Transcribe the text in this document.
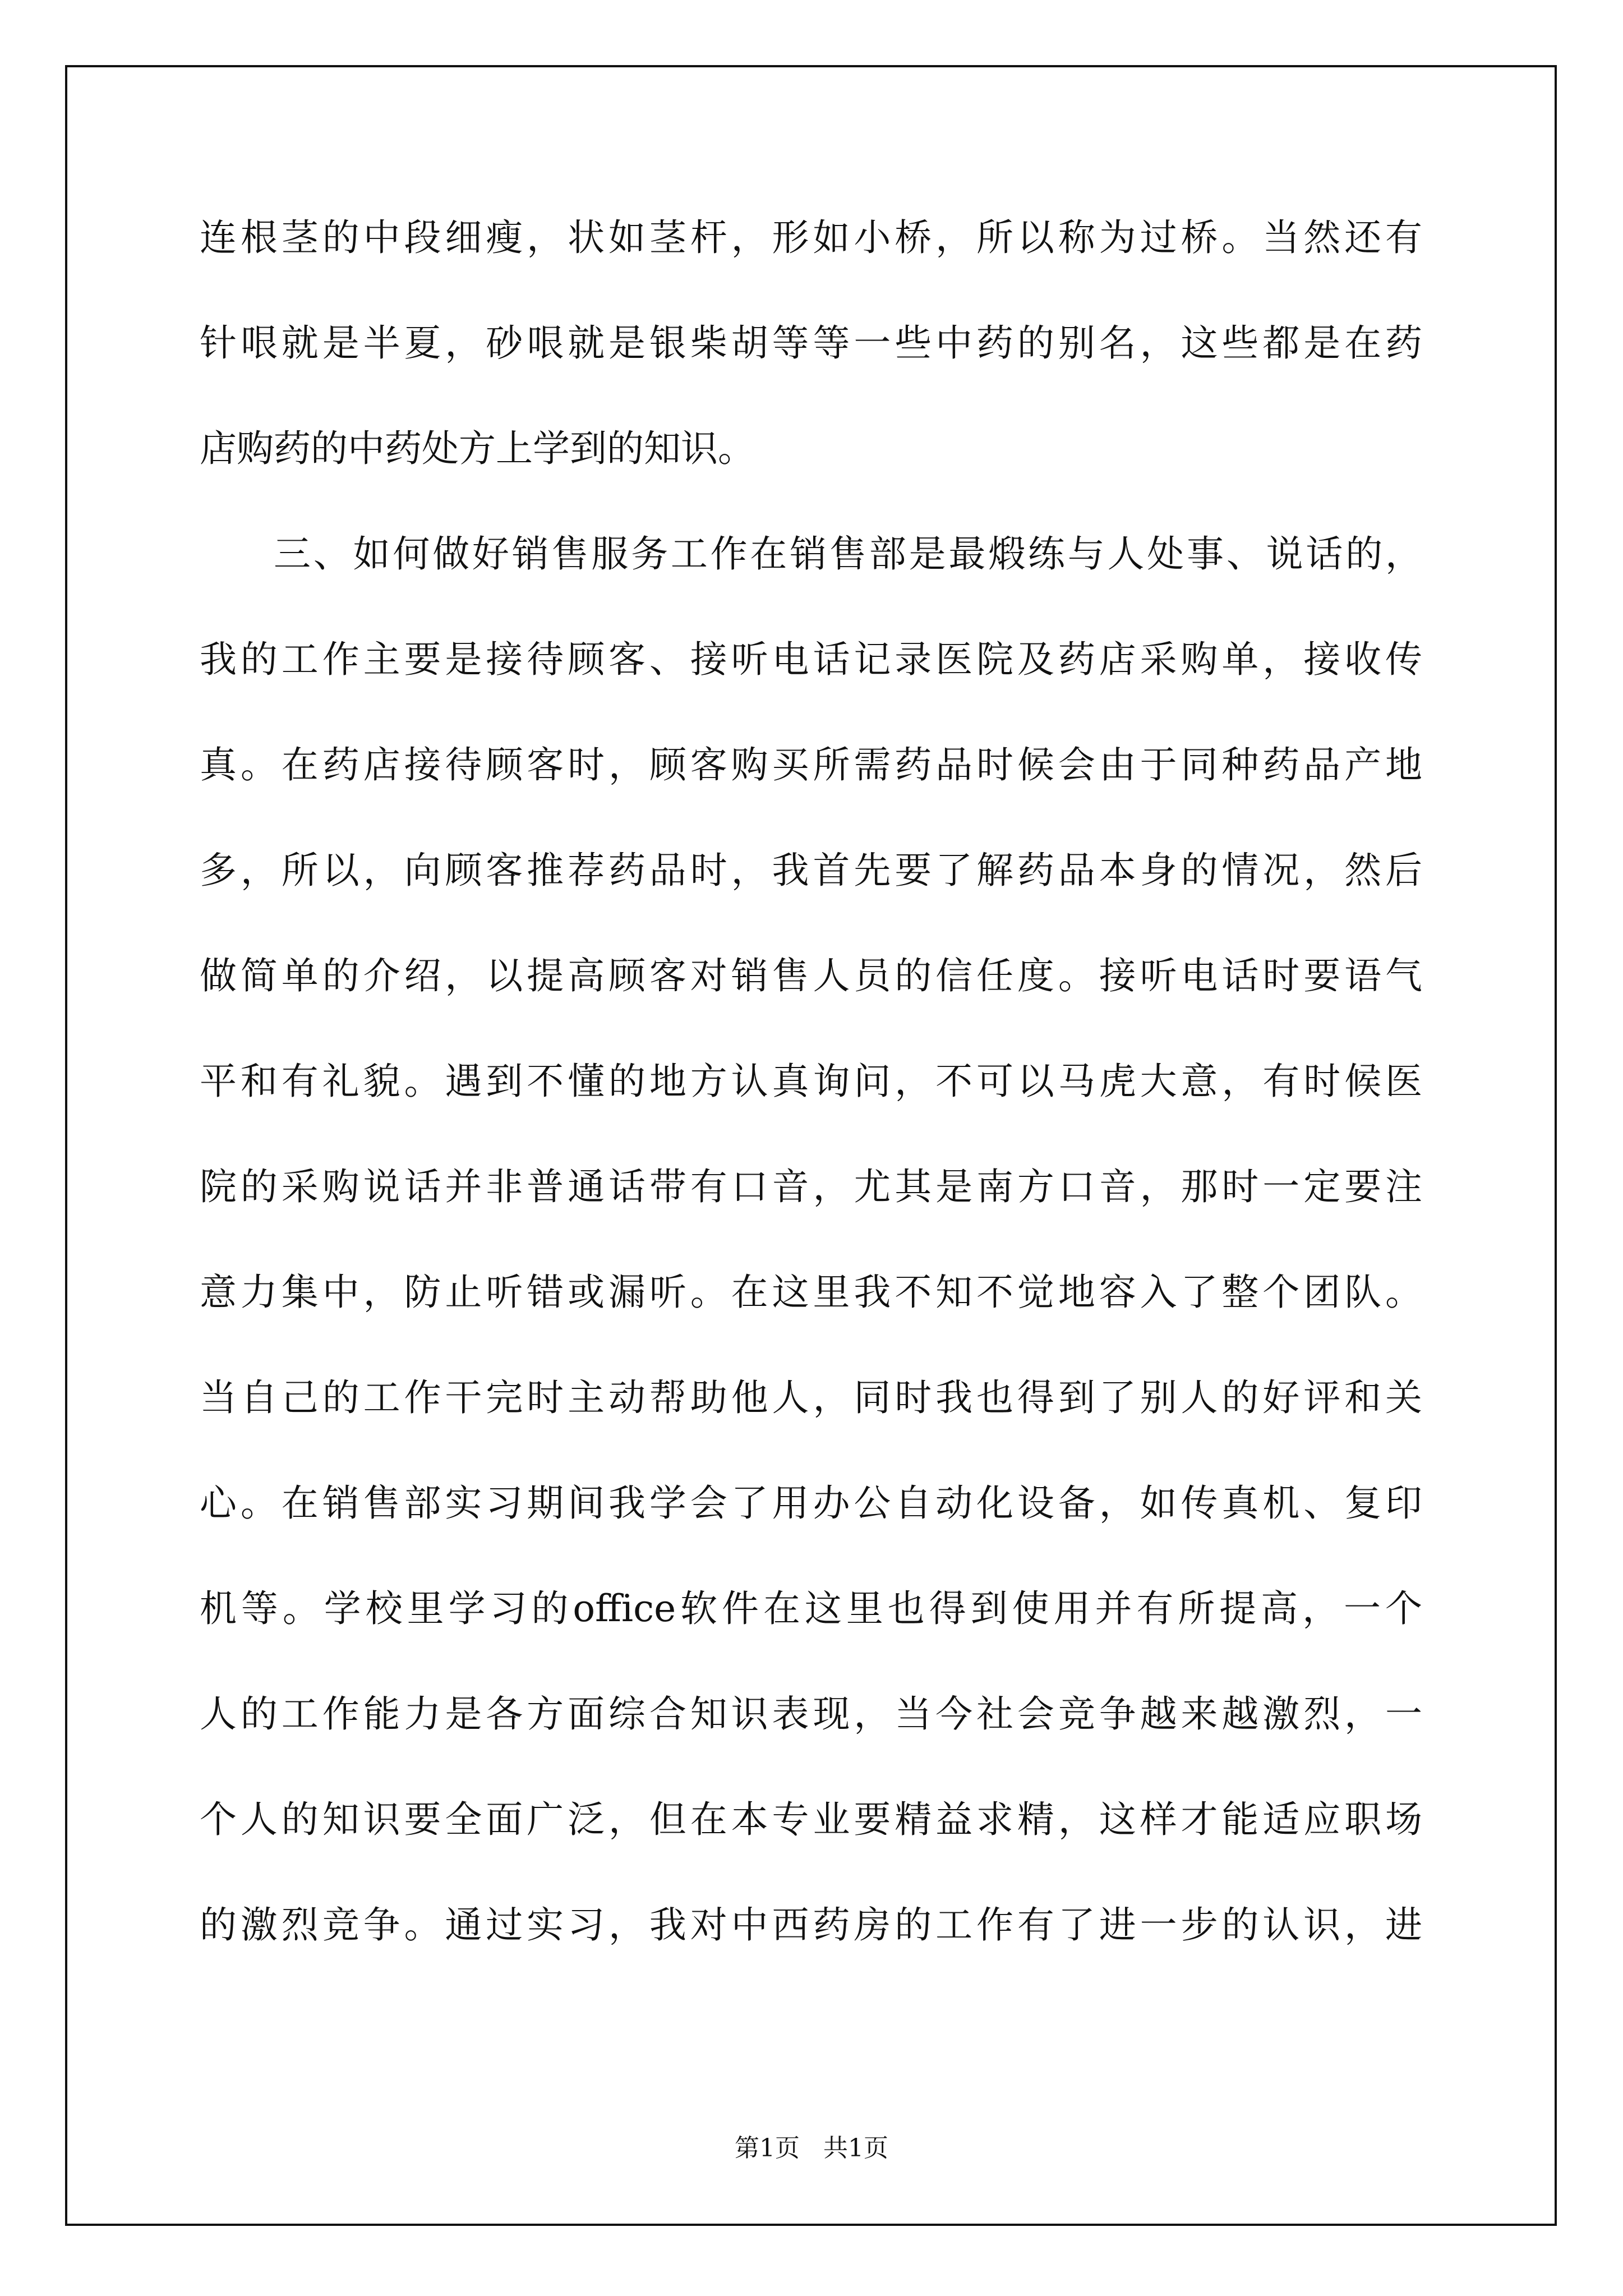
连根茎的中段细瘦，状如茎杆，形如小桥，所以称为过桥。当然还有
针哏就是半夏，砂哏就是银柴胡等等一些中药的别名，这些都是在药
店购药的中药处方上学到的知识。
三、如何做好销售服务工作在销售部是最煅练与人处事、说话的，
我的工作主要是接待顾客、接听电话记录医院及药店采购单，接收传
真。在药店接待顾客时，顾客购买所需药品时候会由于同种药品产地
多，所以，向顾客推荐药品时，我首先要了解药品本身的情况，然后
做简单的介绍，以提高顾客对销售人员的信任度。接听电话时要语气
平和有礼貌。遇到不懂的地方认真询问，不可以马虎大意，有时候医
院的采购说话并非普通话带有口音，尤其是南方口音，那时一定要注
意力集中，防止听错或漏听。在这里我不知不觉地容入了整个团队。
当自己的工作干完时主动帮助他人，同时我也得到了别人的好评和关
心。在销售部实习期间我学会了用办公自动化设备，如传真机、复印
机等。学校里学习的office软件在这里也得到使用并有所提高，一个
人的工作能力是各方面综合知识表现，当今社会竞争越来越激烈，一
个人的知识要全面广泛，但在本专业要精益求精，这样才能适应职场
的激烈竞争。通过实习，我对中西药房的工作有了进一步的认识，进
第1页   共1页
